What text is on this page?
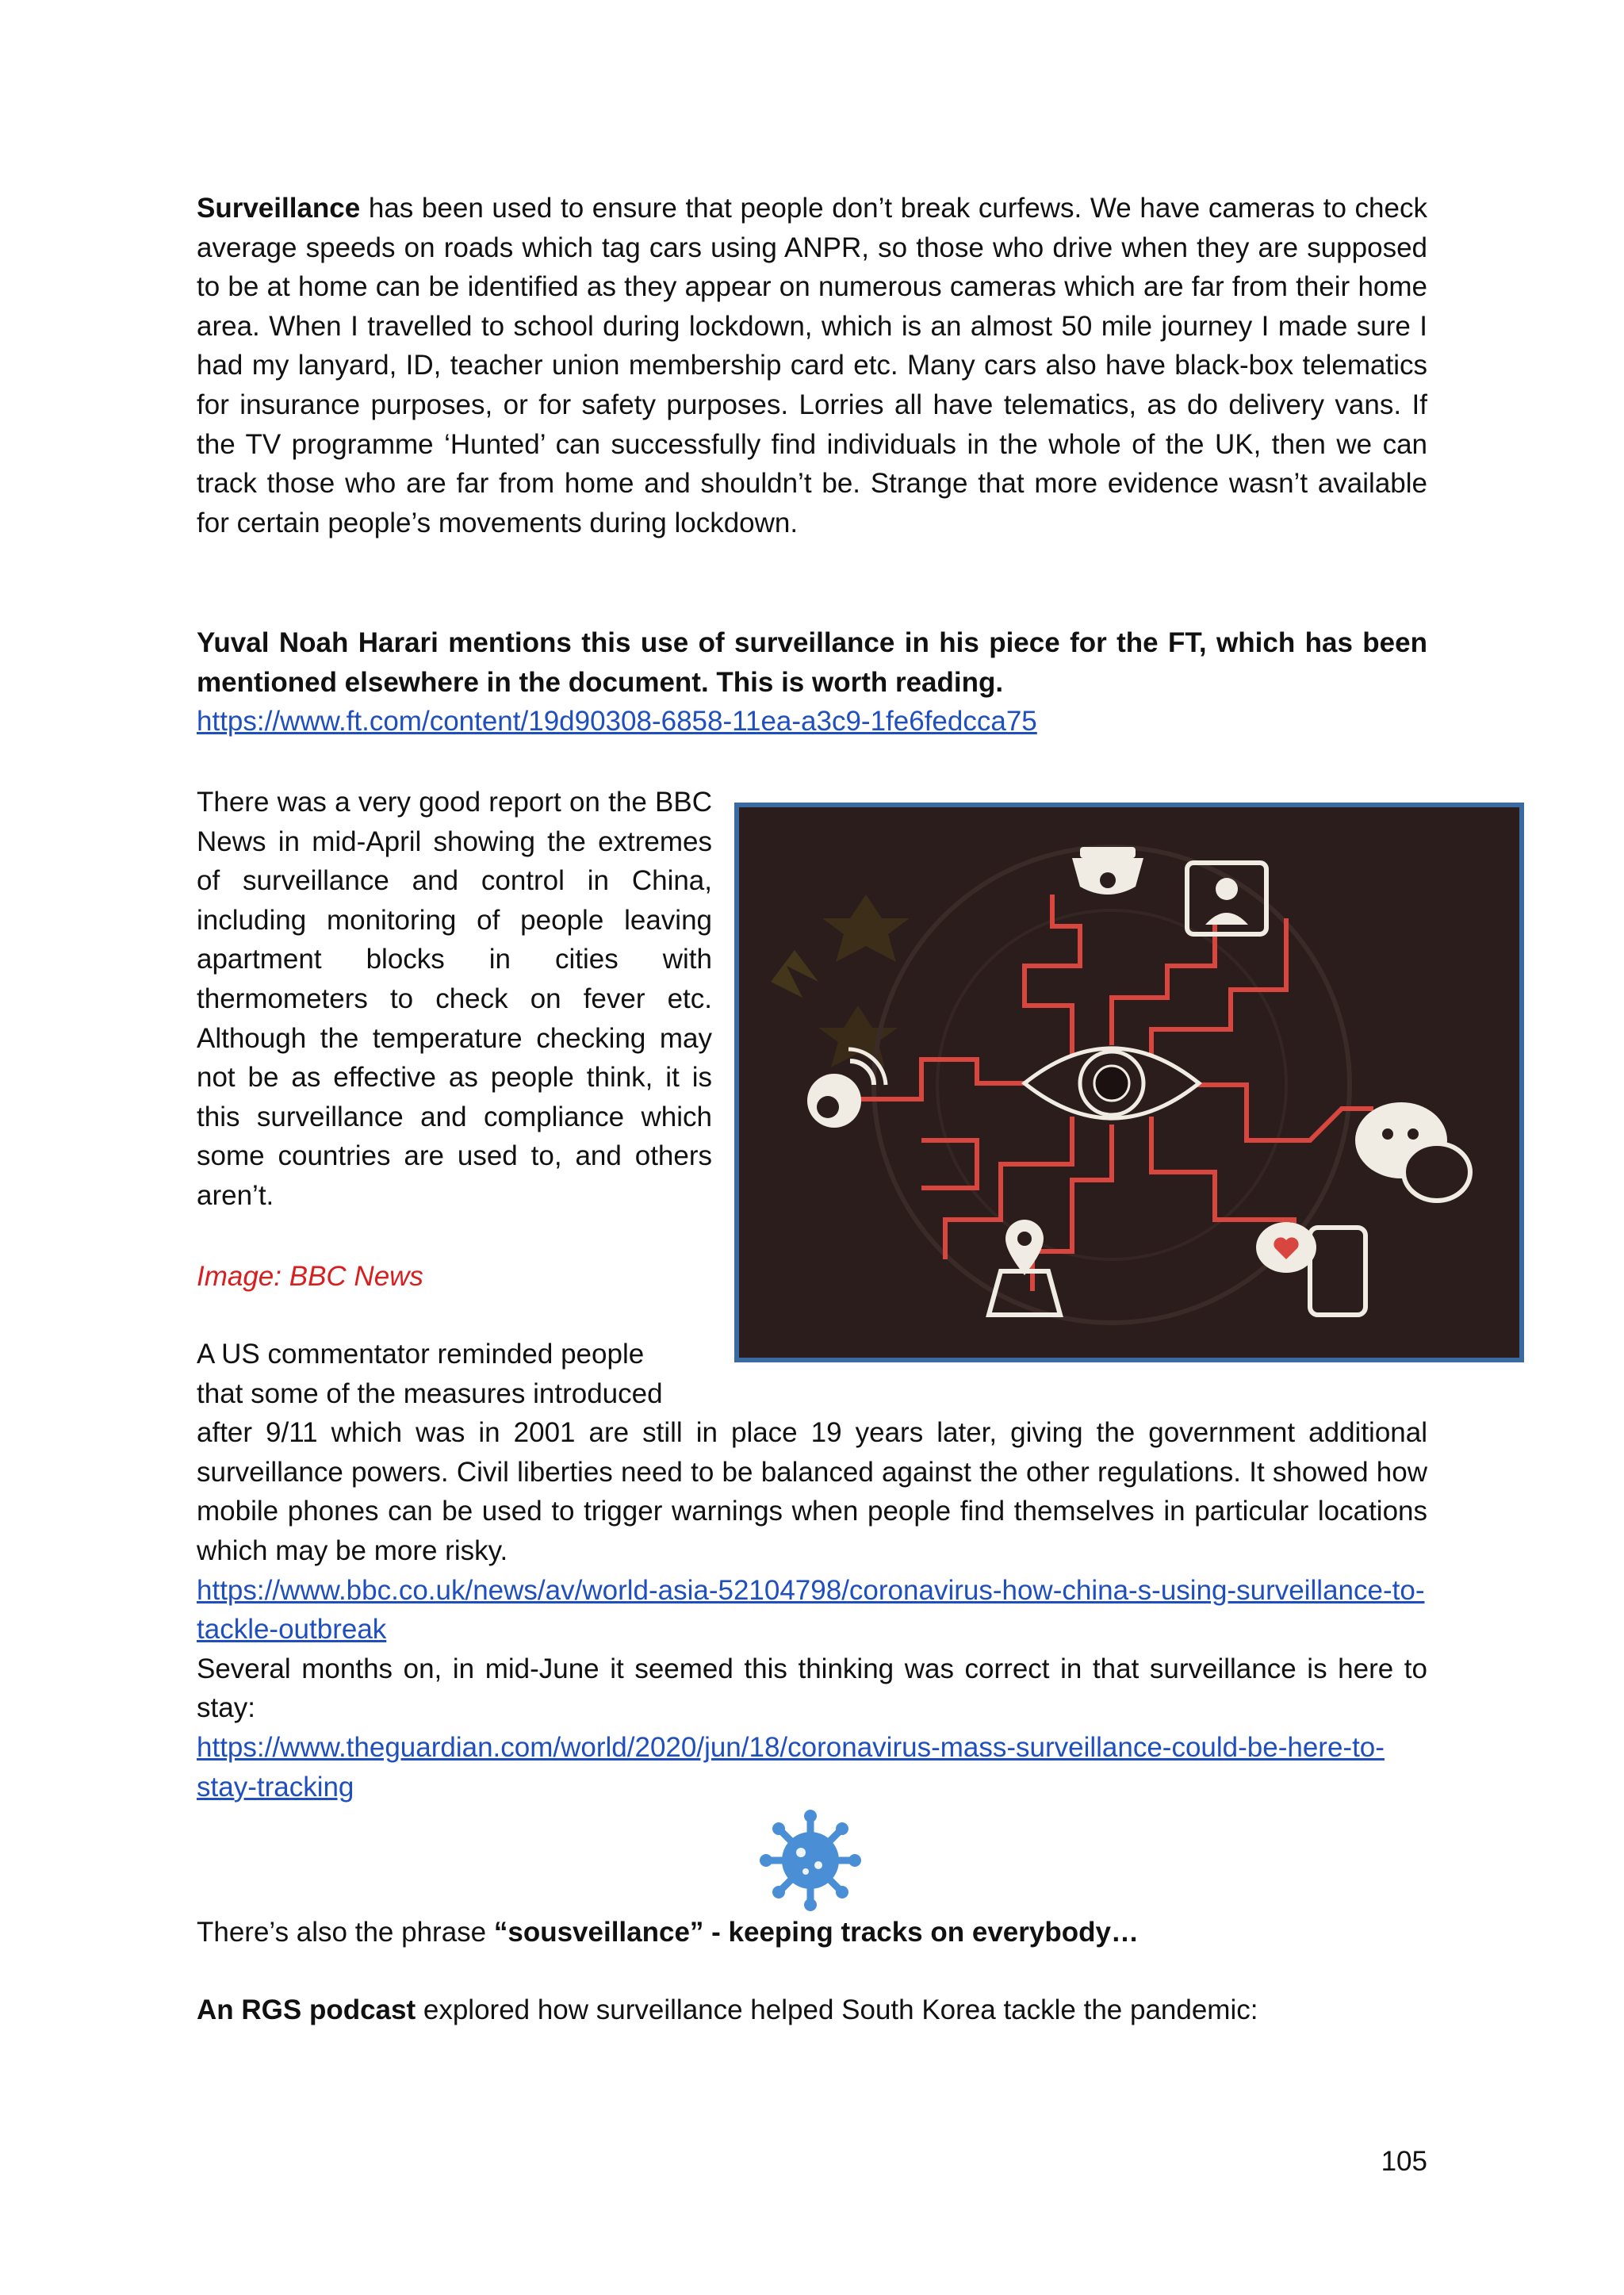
Surveillance has been used to ensure that people don’t break curfews. We have cameras to check average speeds on roads which tag cars using ANPR, so those who drive when they are supposed to be at home can be identified as they appear on numerous cameras which are far from their home area. When I travelled to school during lockdown, which is an almost 50 mile journey I made sure I had my lanyard, ID, teacher union membership card etc. Many cars also have black-box telematics for insurance purposes, or for safety purposes. Lorries all have telematics, as do delivery vans. If the TV programme ‘Hunted’ can successfully find individuals in the whole of the UK, then we can track those who are far from home and shouldn’t be. Strange that more evidence wasn’t available for certain people’s movements during lockdown.

Yuval Noah Harari mentions this use of surveillance in his piece for the FT, which has been mentioned elsewhere in the document. This is worth reading.
https://www.ft.com/content/19d90308-6858-11ea-a3c9-1fe6fedcca75

There was a very good report on the BBC News in mid-April showing the extremes of surveillance and control in China, including monitoring of people leaving apartment blocks in cities with thermometers to check on fever etc. Although the temperature checking may not be as effective as people think, it is this surveillance and compliance which some countries are used to, and others aren’t.

Image: BBC News

A US commentator reminded people
that some of the measures introduced
after 9/11 which was in 2001 are still in place 19 years later, giving the government additional surveillance powers. Civil liberties need to be balanced against the other regulations. It showed how mobile phones can be used to trigger warnings when people find themselves in particular locations which may be more risky.
https://www.bbc.co.uk/news/av/world-asia-52104798/coronavirus-how-china-s-using-surveillance-to-tackle-outbreak
Several months on, in mid-June it seemed this thinking was correct in that surveillance is here to stay:
https://www.theguardian.com/world/2020/jun/18/coronavirus-mass-surveillance-could-be-here-to-stay-tracking

There’s also the phrase “sousveillance” - keeping tracks on everybody…

An RGS podcast explored how surveillance helped South Korea tackle the pandemic:

105
